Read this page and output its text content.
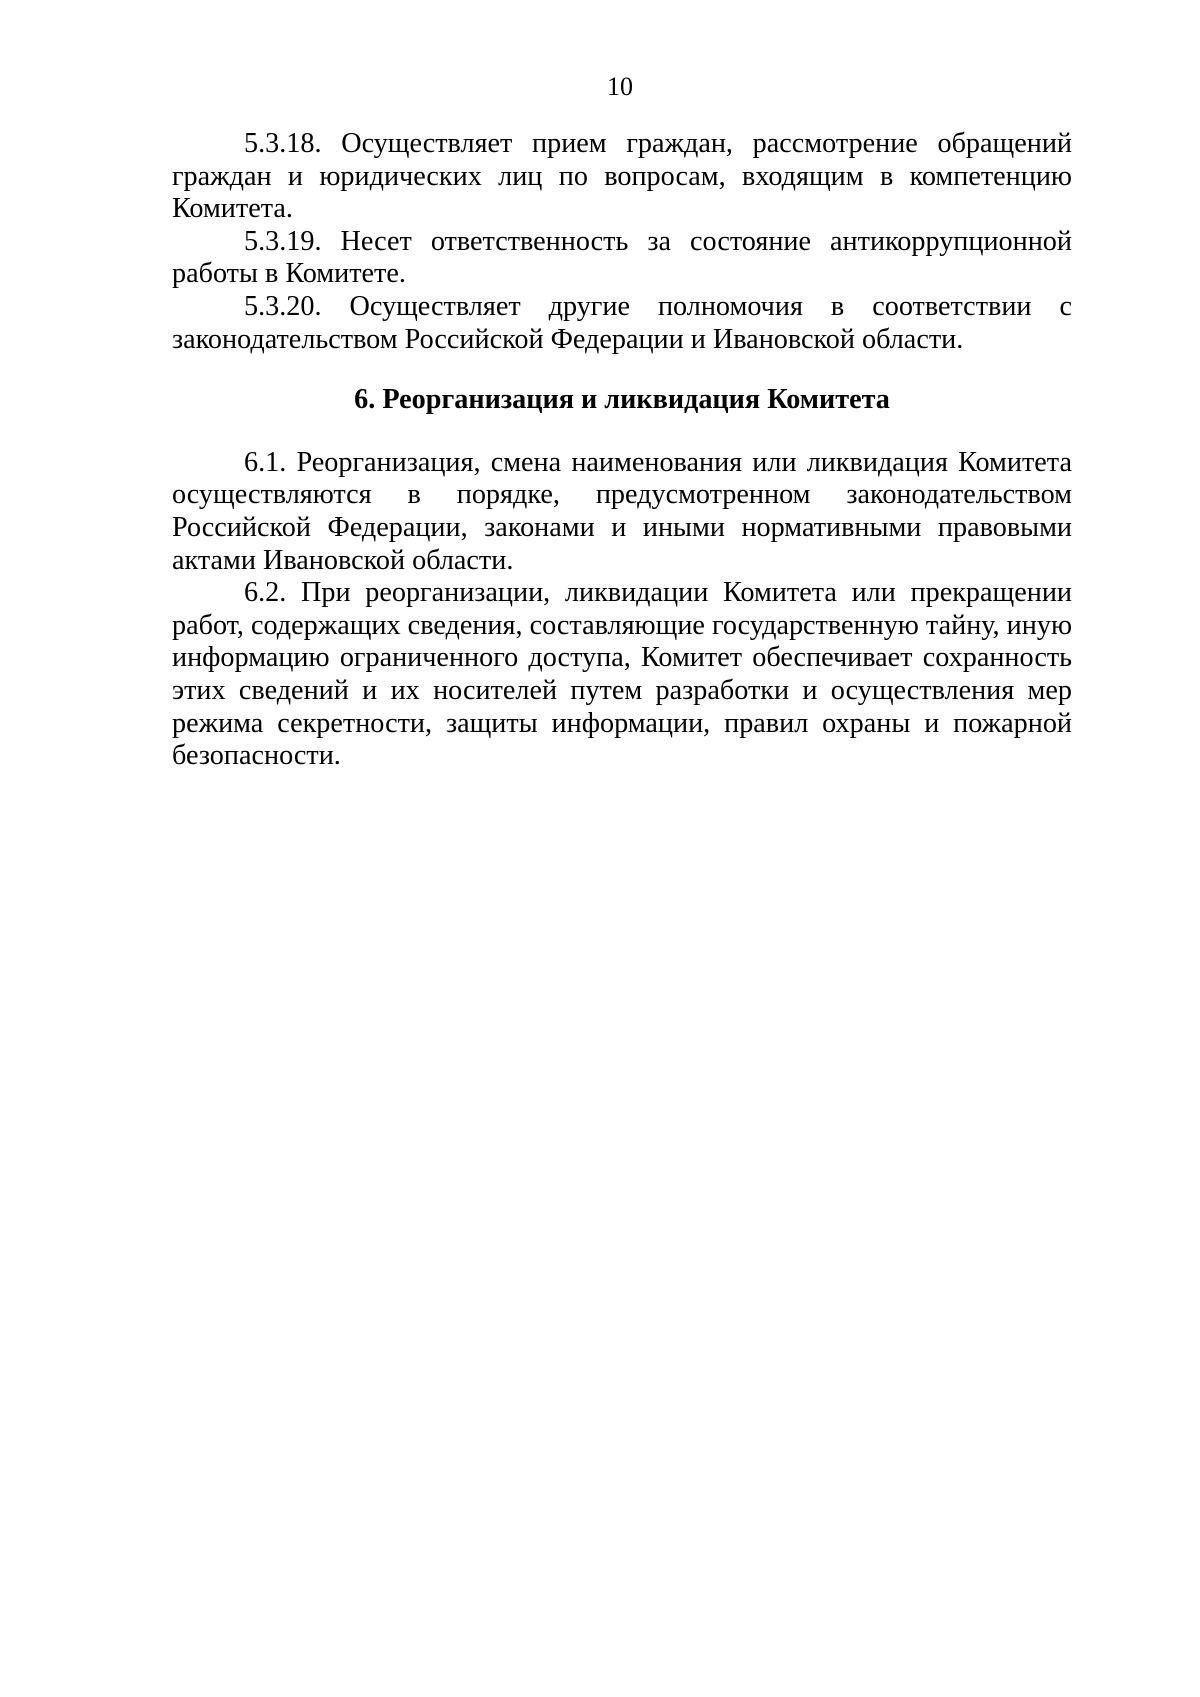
10

5.3.18. Осуществляет прием граждан, рассмотрение обращений граждан и юридических лиц по вопросам, входящим в компетенцию Комитета.

5.3.19. Несет ответственность за состояние антикоррупционной работы в Комитете.

5.3.20. Осуществляет другие полномочия в соответствии с законодательством Российской Федерации и Ивановской области.

6. Реорганизация и ликвидация Комитета

6.1. Реорганизация, смена наименования или ликвидация Комитета осуществляются в порядке, предусмотренном законодательством Российской Федерации, законами и иными нормативными правовыми актами Ивановской области.

6.2. При реорганизации, ликвидации Комитета или прекращении работ, содержащих сведения, составляющие государственную тайну, иную информацию ограниченного доступа, Комитет обеспечивает сохранность этих сведений и их носителей путем разработки и осуществления мер режима секретности, защиты информации, правил охраны и пожарной безопасности.
